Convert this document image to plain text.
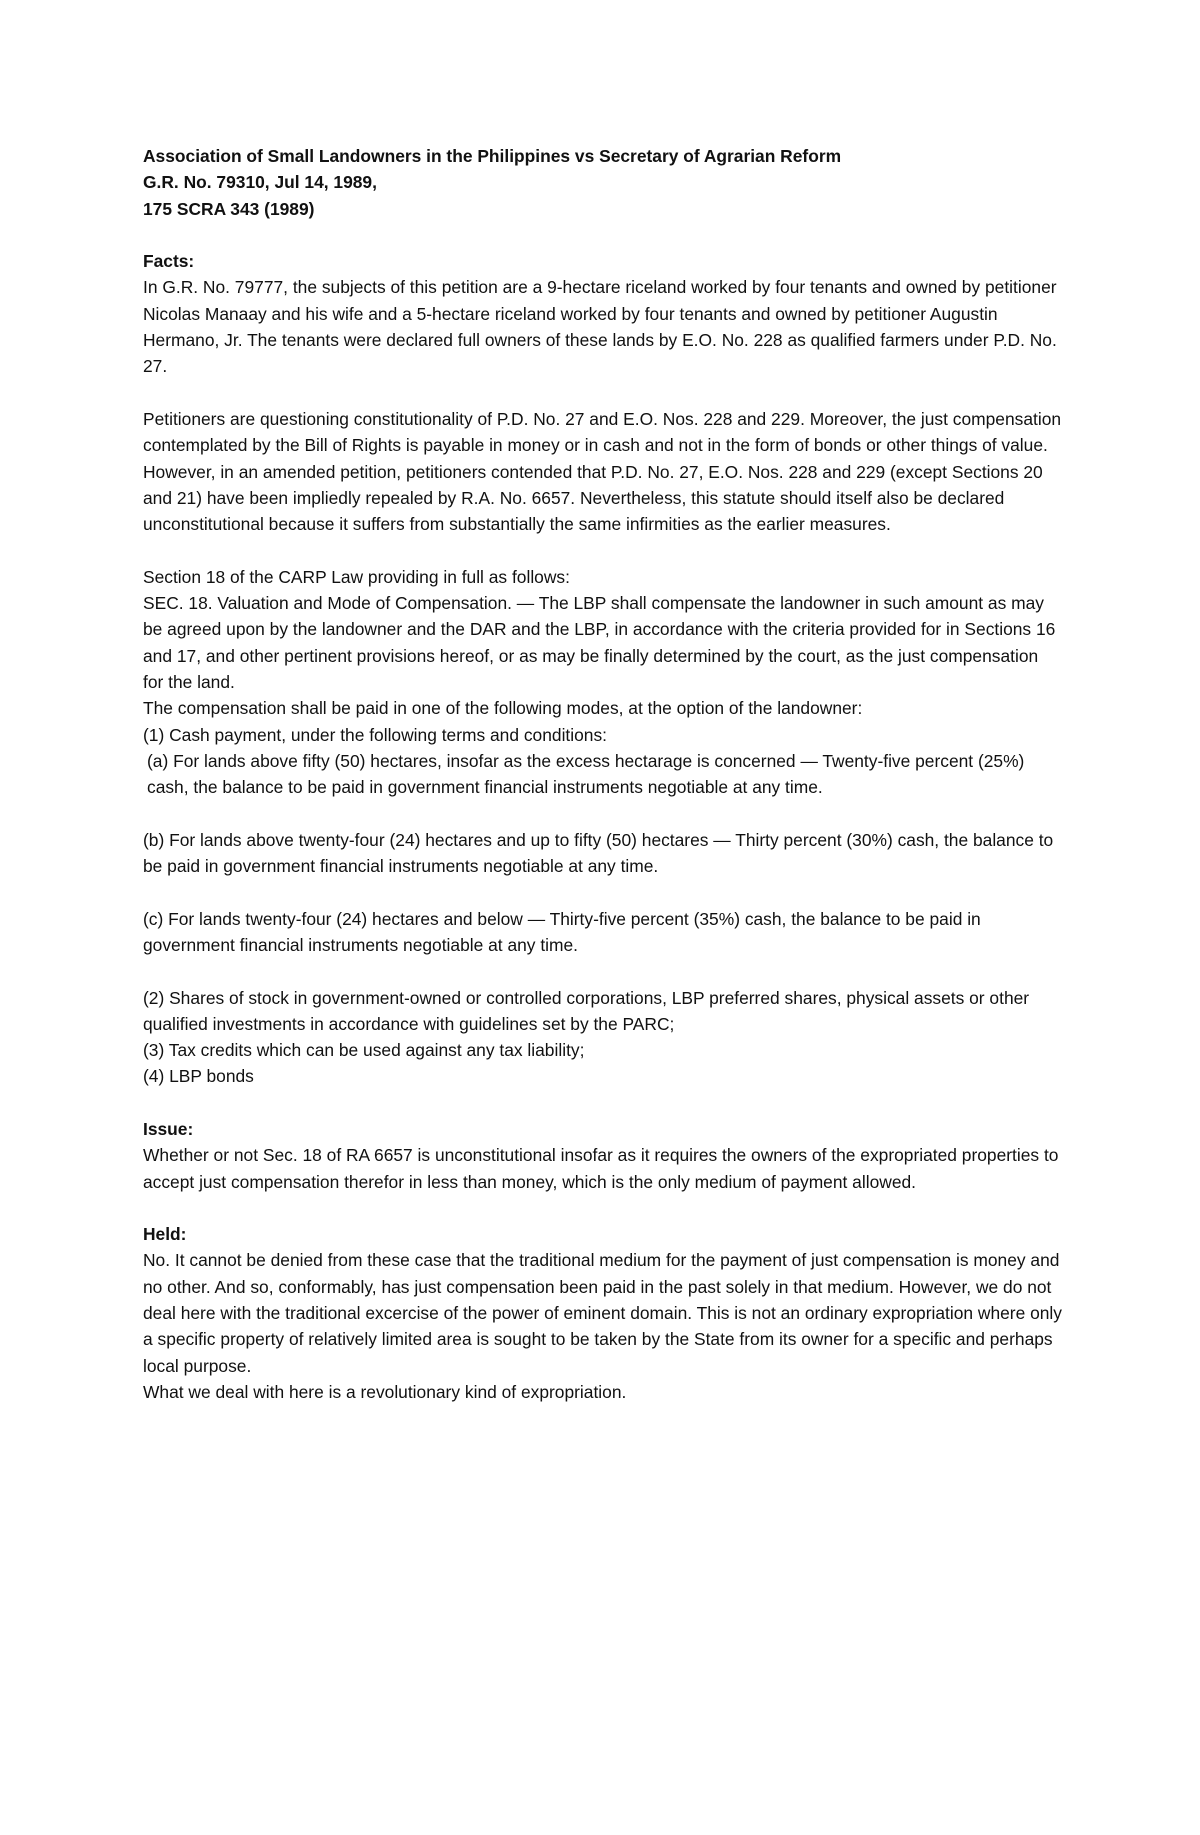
Association of Small Landowners in the Philippines vs Secretary of Agrarian Reform

G.R. No. 79310, Jul 14, 1989,

175 SCRA 343 (1989)

Facts:

In G.R. No. 79777, the subjects of this petition are a 9-hectare riceland worked by four tenants and owned by petitioner Nicolas Manaay and his wife and a 5-hectare riceland worked by four tenants and owned by petitioner Augustin Hermano, Jr. The tenants were declared full owners of these lands by E.O. No. 228 as qualified farmers under P.D. No. 27.

Petitioners are questioning constitutionality of P.D. No. 27 and E.O. Nos. 228 and 229. Moreover, the just compensation contemplated by the Bill of Rights is payable in money or in cash and not in the form of bonds or other things of value. However, in an amended petition, petitioners contended that P.D. No. 27, E.O. Nos. 228 and 229 (except Sections 20 and 21) have been impliedly repealed by R.A. No. 6657. Nevertheless, this statute should itself also be declared unconstitutional because it suffers from substantially the same infirmities as the earlier measures.

Section 18 of the CARP Law providing in full as follows:

SEC. 18. Valuation and Mode of Compensation. — The LBP shall compensate the landowner in such amount as may be agreed upon by the landowner and the DAR and the LBP, in accordance with the criteria provided for in Sections 16 and 17, and other pertinent provisions hereof, or as may be finally determined by the court, as the just compensation for the land.

The compensation shall be paid in one of the following modes, at the option of the landowner:

(1) Cash payment, under the following terms and conditions:

(a) For lands above fifty (50) hectares, insofar as the excess hectarage is concerned — Twenty-five percent (25%) cash, the balance to be paid in government financial instruments negotiable at any time.

(b) For lands above twenty-four (24) hectares and up to fifty (50) hectares — Thirty percent (30%) cash, the balance to be paid in government financial instruments negotiable at any time.

(c) For lands twenty-four (24) hectares and below — Thirty-five percent (35%) cash, the balance to be paid in government financial instruments negotiable at any time.

(2) Shares of stock in government-owned or controlled corporations, LBP preferred shares, physical assets or other qualified investments in accordance with guidelines set by the PARC;

(3) Tax credits which can be used against any tax liability;

(4) LBP bonds

Issue:

Whether or not Sec. 18 of RA 6657 is unconstitutional insofar as it requires the owners of the expropriated properties to accept just compensation therefor in less than money, which is the only medium of payment allowed.

Held:

No. It cannot be denied from these case that the traditional medium for the payment of just compensation is money and no other. And so, conformably, has just compensation been paid in the past solely in that medium. However, we do not deal here with the traditional excercise of the power of eminent domain. This is not an ordinary expropriation where only a specific property of relatively limited area is sought to be taken by the State from its owner for a specific and perhaps local purpose.

What we deal with here is a revolutionary kind of expropriation.
